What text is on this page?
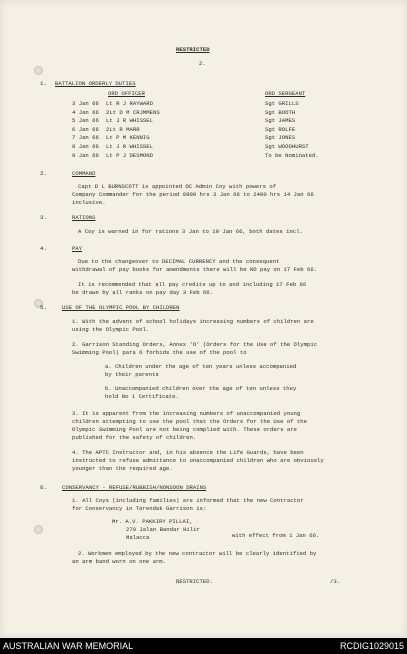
RESTRICTED
2.
1. BATTALION ORDERLY DUTIES
ORD OFFICER	ORD SERGEANT
3 Jan 66 Lt R J RAYWARD	Sgt GRILLS
4 Jan 66 2Lt D M CRJMMENS	Sgt BOOTH
5 Jan 66 Lt J R WHISSEL	Sgt JAMES
6 Jan 66 2Lt R MARR	Sgt ROLFE
7 Jan 66 Lt P M KENNIG	Sgt JONES
8 Jan 66 Lt J R WHISSEL	Sgt WOODHURST
9 Jan 66 Lt P J DESMOND	To be Nominated.
2.	COMMAND
Capt D L BURNSCOTT is appointed OC Admin Coy with powers of
Company Commander for the period 0800 hrs 3 Jan 66 to 2400 hrs 14 Jan 66
inclusive.
3.	RATIONS
A Coy is warned in for rations 3 Jan to 10 Jan 66, both dates incl.
4.	PAY
Due to the changeover to DECIMAL CURRENCY and the consequent
withdrawal of pay books for amendments there will be NO pay on 17 Feb 66.
It is recommended that all pay credits up to and including 17 Feb 66
be drawn by all ranks on pay day 3 Feb 66.
5.	USE OF THE OLYMPIC POOL BY CHILDREN
1. With the advent of school holidays increasing numbers of children are
using the Olympic Pool.
2. Garrison Standing Orders, Annex 'O' (Orders for the Use of the Olympic
Swimming Pool) para 6 forbids the use of the pool to
a. Children under the age of ten years unless accompanied
by their parents
b. Unaccompanied children over the age of ten unless they
hold No 1 Certificate.
3. It is apparent from the increasing numbers of unaccompanied young
children attempting to use the pool that the Orders for the Use of the
Olympic Swimming Pool are not being complied with. These orders are
published for the safety of children.
4. The APTC Instructor and, in his absence the Life Guards, have been
instructed to refuse admittance to unaccompanied children who are obviously
younger than the required age.
6.	CONSERVANCY - REFUSE/RUBBISH/NONSOON DRAINS
1. All Coys (including families) are informed that the new Contractor
for Conservancy in Terendak Garrison is:
Mr. A.V. PAKKIRY PILLAI,
270 Jalan Bandar Hilir
Malacca	with effect from 1 Jan 66.
2. Workmen employed by the new contractor will be clearly identified by
an arm band worn on one arm.
RESTRICTED.	/3.
AUSTRALIAN WAR MEMORIAL	RCDIG1029015
